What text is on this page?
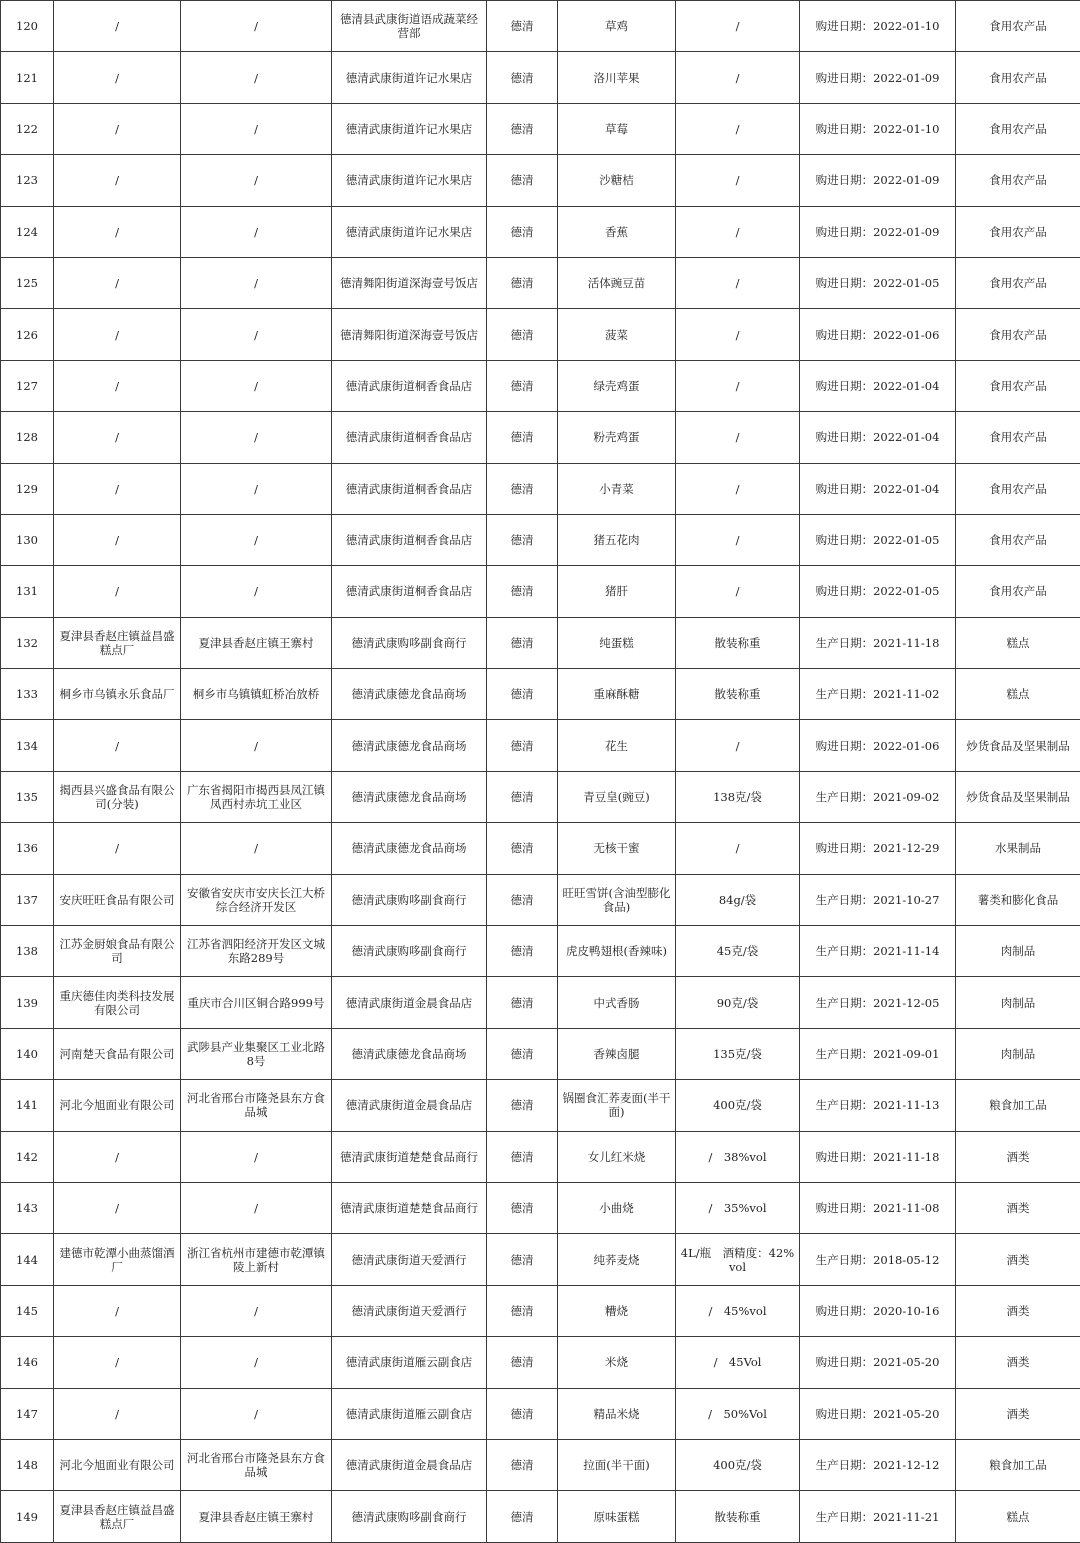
120	/	/	德清县武康街道语成蔬菜经营部	德清	草鸡	/	购进日期：2022-01-10	食用农产品
121	/	/	德清武康街道许记水果店	德清	洛川苹果	/	购进日期：2022-01-09	食用农产品
122	/	/	德清武康街道许记水果店	德清	草莓	/	购进日期：2022-01-10	食用农产品
123	/	/	德清武康街道许记水果店	德清	沙糖桔	/	购进日期：2022-01-09	食用农产品
124	/	/	德清武康街道许记水果店	德清	香蕉	/	购进日期：2022-01-09	食用农产品
125	/	/	德清舞阳街道深海壹号饭店	德清	活体豌豆苗	/	购进日期：2022-01-05	食用农产品
126	/	/	德清舞阳街道深海壹号饭店	德清	菠菜	/	购进日期：2022-01-06	食用农产品
127	/	/	德清武康街道桐香食品店	德清	绿壳鸡蛋	/	购进日期：2022-01-04	食用农产品
128	/	/	德清武康街道桐香食品店	德清	粉壳鸡蛋	/	购进日期：2022-01-04	食用农产品
129	/	/	德清武康街道桐香食品店	德清	小青菜	/	购进日期：2022-01-04	食用农产品
130	/	/	德清武康街道桐香食品店	德清	猪五花肉	/	购进日期：2022-01-05	食用农产品
131	/	/	德清武康街道桐香食品店	德清	猪肝	/	购进日期：2022-01-05	食用农产品
132	夏津县香赵庄镇益昌盛糕点厂	夏津县香赵庄镇王寨村	德清武康购哆副食商行	德清	纯蛋糕	散装称重	生产日期：2021-11-18	糕点
133	桐乡市乌镇永乐食品厂	桐乡市乌镇镇虹桥冶放桥	德清武康德龙食品商场	德清	重麻酥糖	散装称重	生产日期：2021-11-02	糕点
134	/	/	德清武康德龙食品商场	德清	花生	/	购进日期：2022-01-06	炒货食品及坚果制品
135	揭西县兴盛食品有限公司(分装)	广东省揭阳市揭西县凤江镇凤西村赤坑工业区	德清武康德龙食品商场	德清	青豆皇(豌豆)	138克/袋	生产日期：2021-09-02	炒货食品及坚果制品
136	/	/	德清武康德龙食品商场	德清	无核干蜜	/	购进日期：2021-12-29	水果制品
137	安庆旺旺食品有限公司	安徽省安庆市安庆长江大桥综合经济开发区	德清武康购哆副食商行	德清	旺旺雪饼(含油型膨化食品)	84g/袋	生产日期：2021-10-27	薯类和膨化食品
138	江苏金厨娘食品有限公司	江苏省泗阳经济开发区文城东路289号	德清武康购哆副食商行	德清	虎皮鸭翅根(香辣味)	45克/袋	生产日期：2021-11-14	肉制品
139	重庆德佳肉类科技发展有限公司	重庆市合川区铜合路999号	德清武康街道金晨食品店	德清	中式香肠	90克/袋	生产日期：2021-12-05	肉制品
140	河南楚天食品有限公司	武陟县产业集聚区工业北路8号	德清武康德龙食品商场	德清	香辣卤腿	135克/袋	生产日期：2021-09-01	肉制品
141	河北今旭面业有限公司	河北省邢台市隆尧县东方食品城	德清武康街道金晨食品店	德清	锅圈食汇荞麦面(半干面)	400克/袋	生产日期：2021-11-13	粮食加工品
142	/	/	德清武康街道楚楚食品商行	德清	女儿红米烧	/　38%vol	购进日期：2021-11-18	酒类
143	/	/	德清武康街道楚楚食品商行	德清	小曲烧	/　35%vol	购进日期：2021-11-08	酒类
144	建德市乾潭小曲蒸馏酒厂	浙江省杭州市建德市乾潭镇陵上新村	德清武康街道天爱酒行	德清	纯荞麦烧	4L/瓶　酒精度：42%vol	生产日期：2018-05-12	酒类
145	/	/	德清武康街道天爱酒行	德清	糟烧	/　45%vol	购进日期：2020-10-16	酒类
146	/	/	德清武康街道雁云副食店	德清	米烧	/　45Vol	购进日期：2021-05-20	酒类
147	/	/	德清武康街道雁云副食店	德清	精品米烧	/　50%Vol	购进日期：2021-05-20	酒类
148	河北今旭面业有限公司	河北省邢台市隆尧县东方食品城	德清武康街道金晨食品店	德清	拉面(半干面)	400克/袋	生产日期：2021-12-12	粮食加工品
149	夏津县香赵庄镇益昌盛糕点厂	夏津县香赵庄镇王寨村	德清武康购哆副食商行	德清	原味蛋糕	散装称重	生产日期：2021-11-21	糕点
